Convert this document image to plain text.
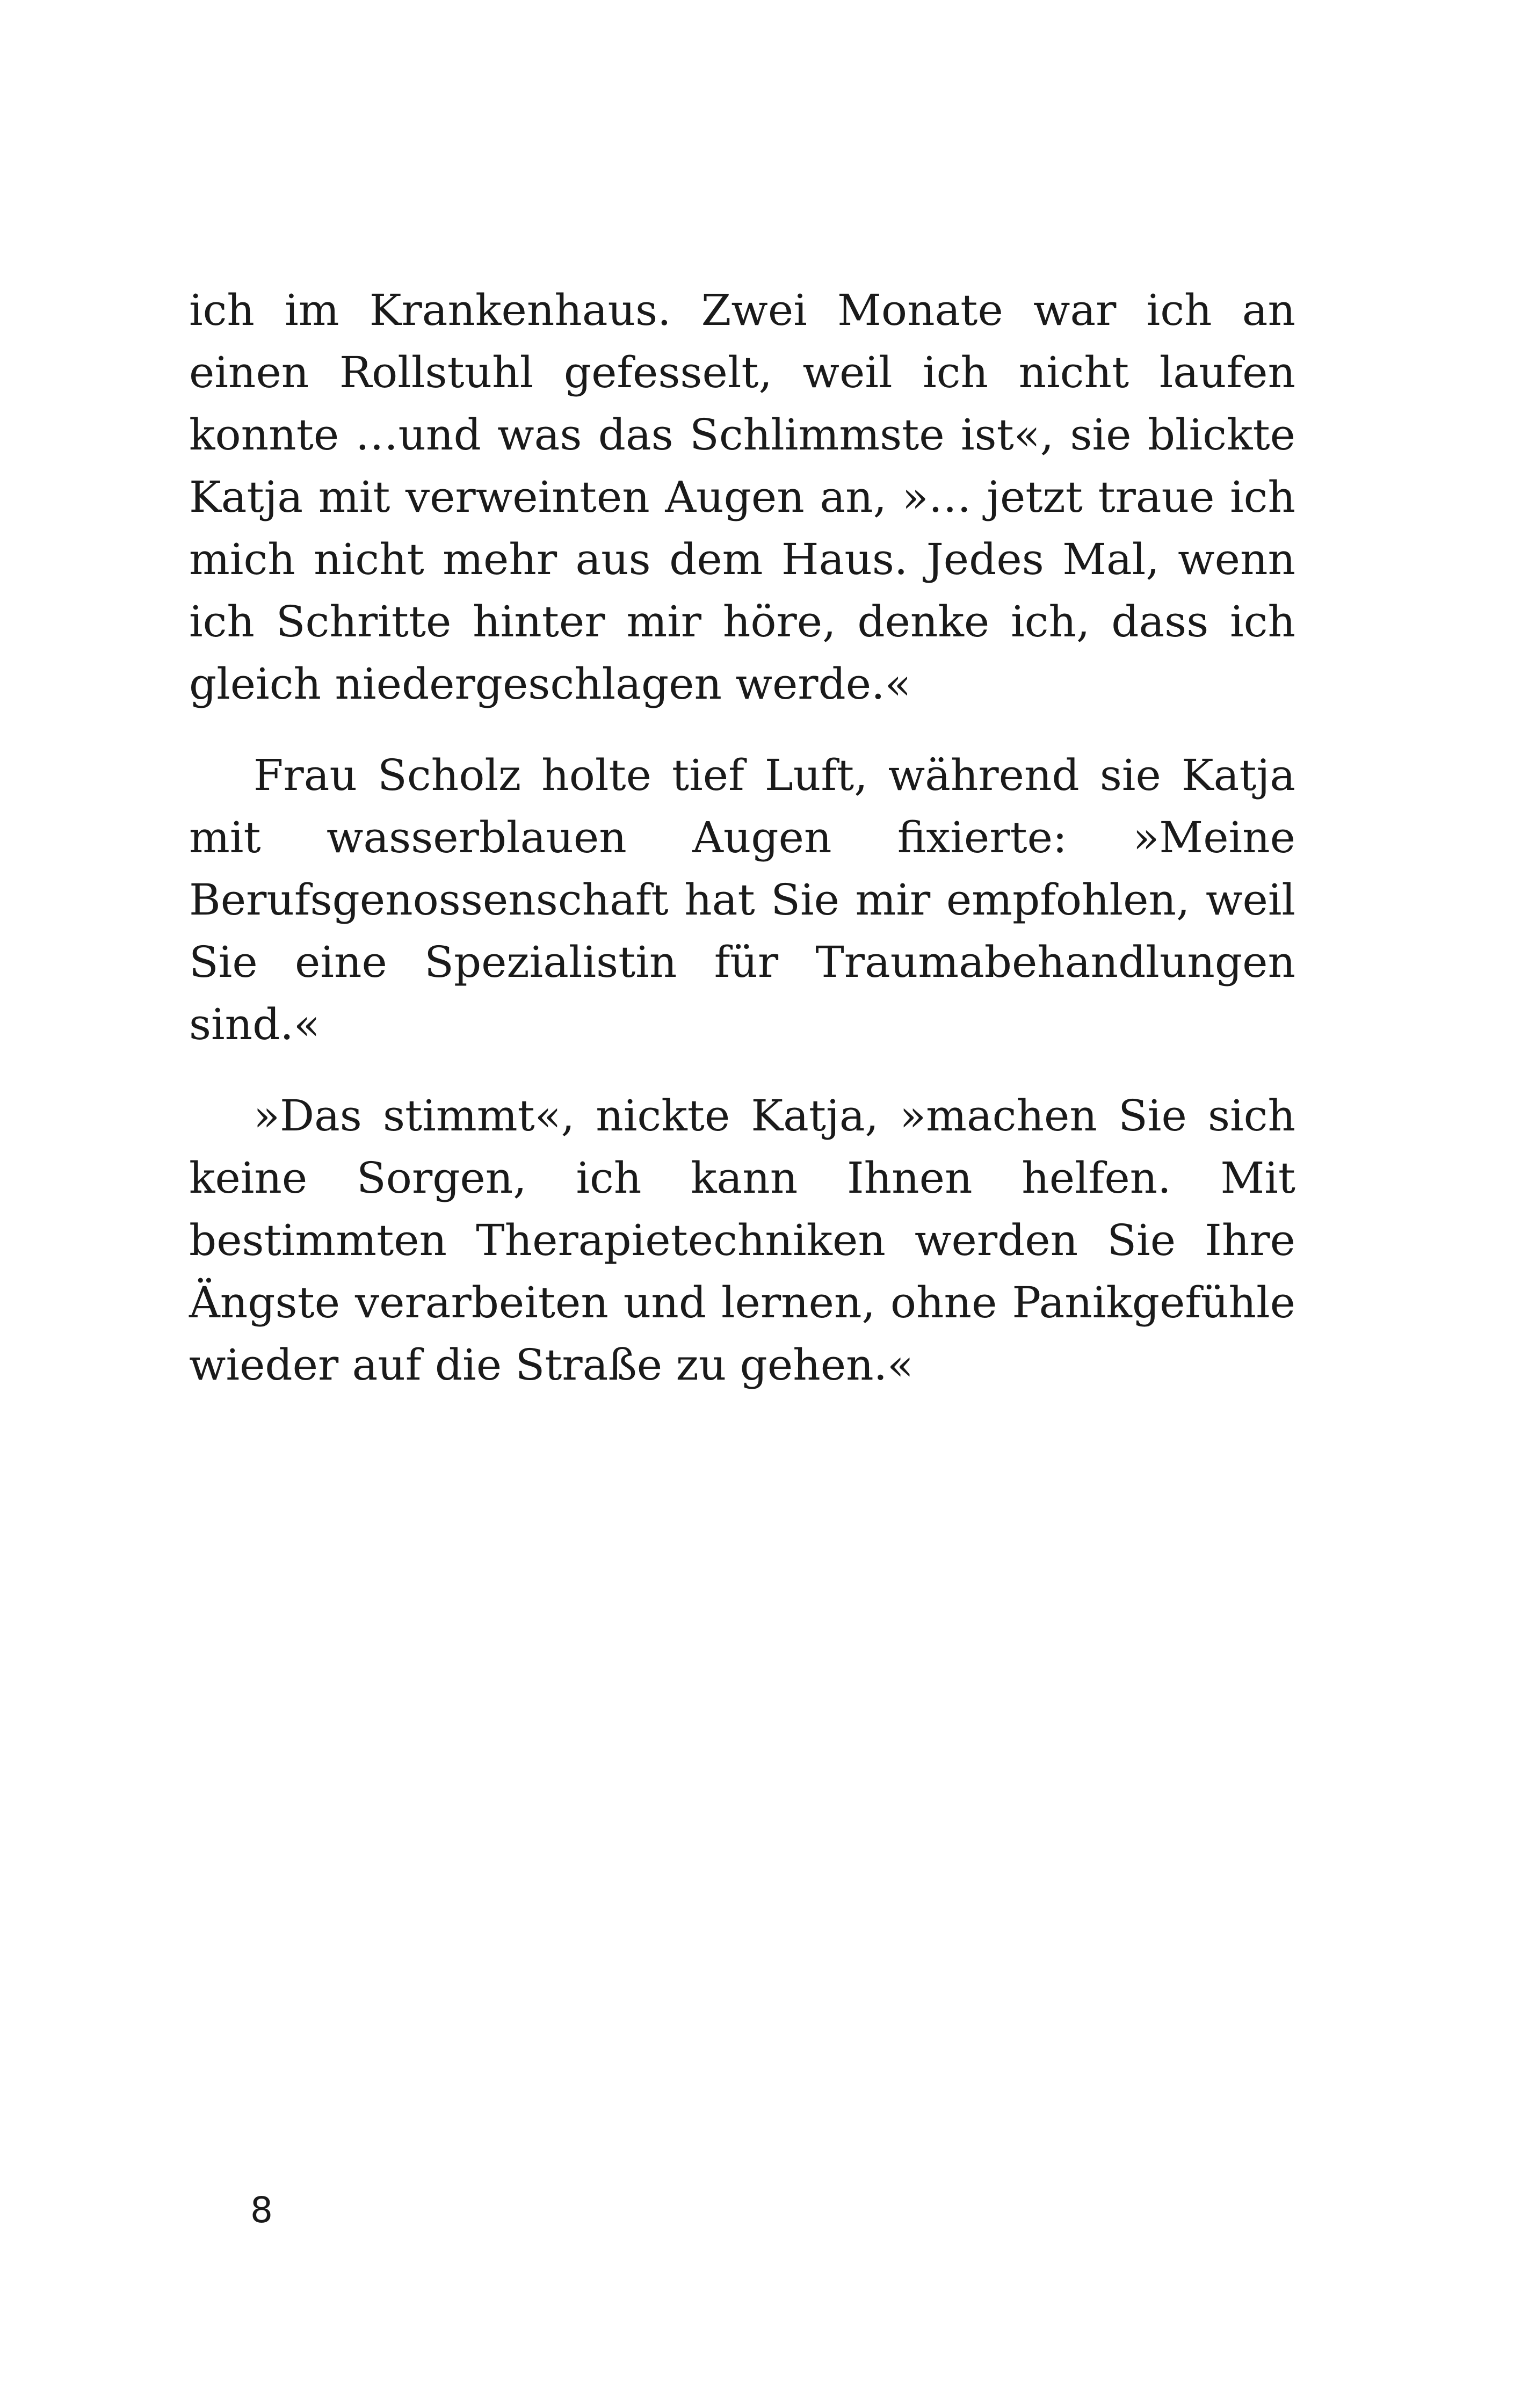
ich im Krankenhaus. Zwei Monate war ich an einen Rollstuhl gefesselt, weil ich nicht laufen konnte …und was das Schlimmste ist«, sie blickte Katja mit verweinten Augen an, »… jetzt traue ich mich nicht mehr aus dem Haus. Jedes Mal, wenn ich Schritte hinter mir höre, denke ich, dass ich gleich niedergeschlagen werde.«

Frau Scholz holte tief Luft, während sie Katja mit wasserblauen Augen fixierte: »Meine Berufsgenossenschaft hat Sie mir empfohlen, weil Sie eine Spezialistin für Traumabehandlungen sind.«

»Das stimmt«, nickte Katja, »machen Sie sich keine Sorgen, ich kann Ihnen helfen. Mit bestimmten Therapietechniken werden Sie Ihre Ängste verarbeiten und lernen, ohne Panikgefühle wieder auf die Straße zu gehen.«

8
